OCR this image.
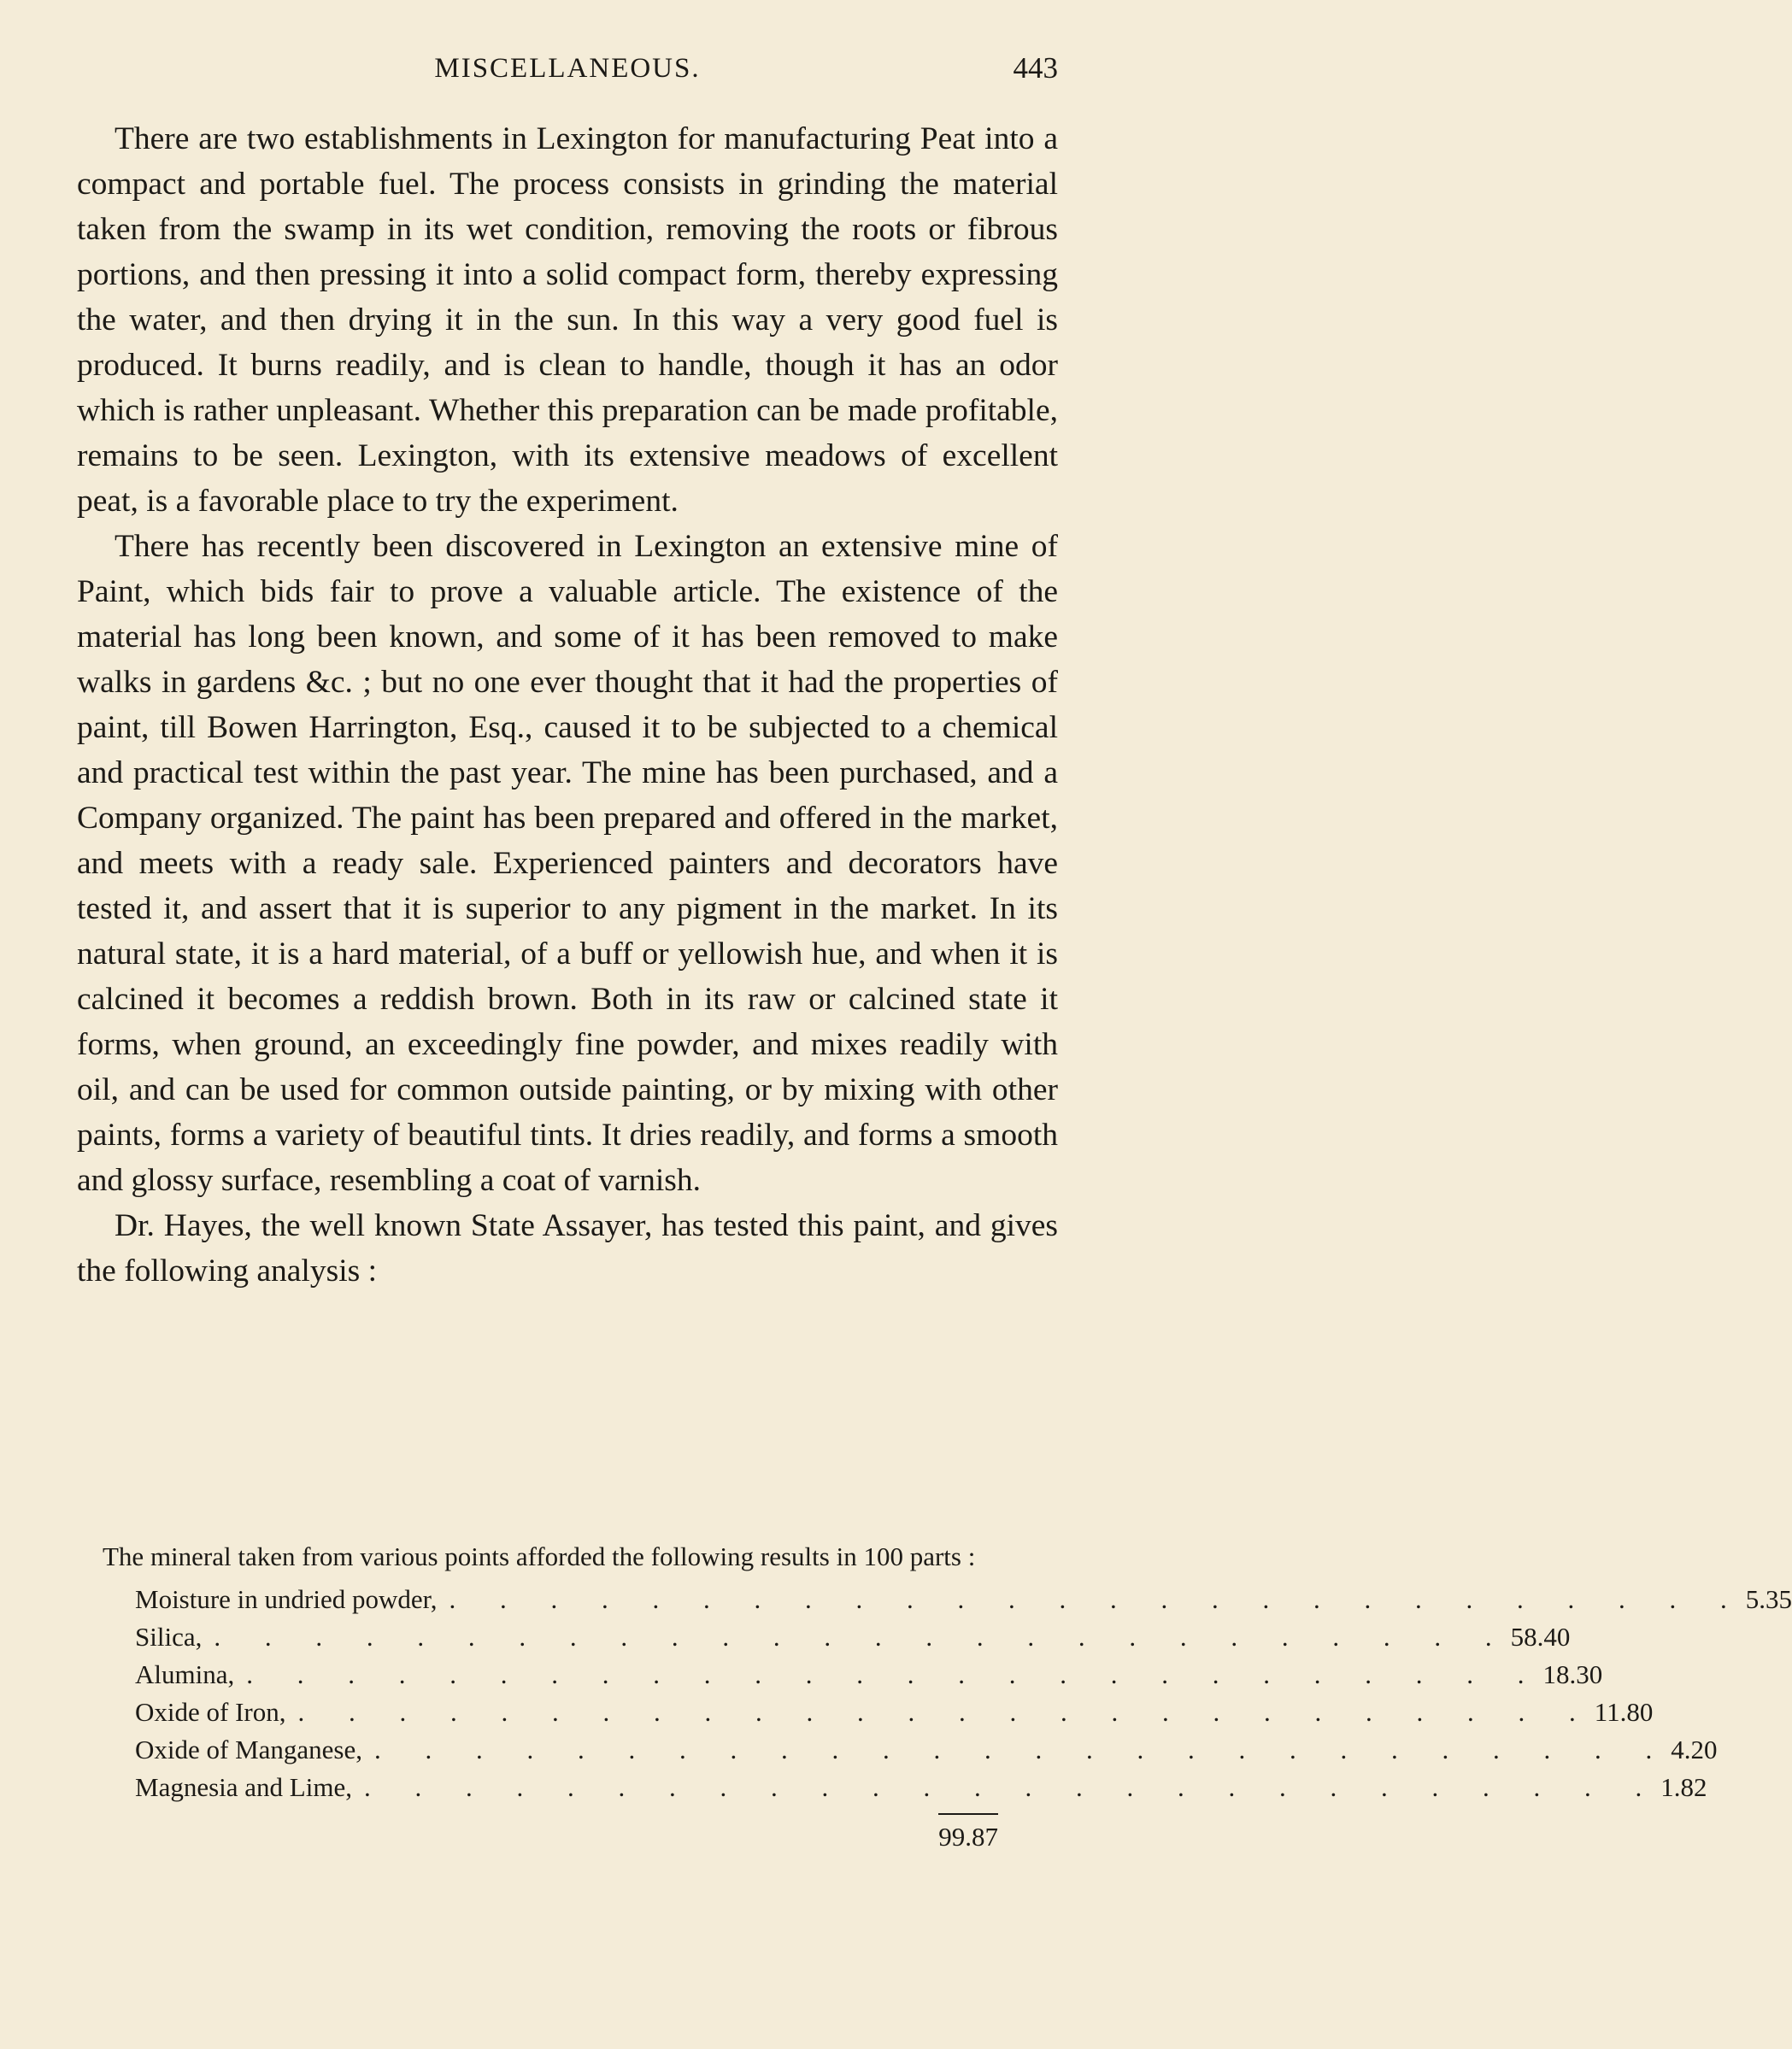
MISCELLANEOUS.	443

There are two establishments in Lexington for manufacturing Peat into a compact and portable fuel. The process consists in grinding the material taken from the swamp in its wet condition, removing the roots or fibrous portions, and then pressing it into a solid compact form, thereby expressing the water, and then drying it in the sun. In this way a very good fuel is produced. It burns readily, and is clean to handle, though it has an odor which is rather unpleasant. Whether this preparation can be made profitable, remains to be seen. Lexington, with its extensive meadows of excellent peat, is a favorable place to try the experiment.

There has recently been discovered in Lexington an extensive mine of Paint, which bids fair to prove a valuable article. The existence of the material has long been known, and some of it has been removed to make walks in gardens &c. ; but no one ever thought that it had the properties of paint, till Bowen Harrington, Esq., caused it to be subjected to a chemical and practical test within the past year. The mine has been purchased, and a Company organized. The paint has been prepared and offered in the market, and meets with a ready sale. Experienced painters and decorators have tested it, and assert that it is superior to any pigment in the market. In its natural state, it is a hard material, of a buff or yellowish hue, and when it is calcined it becomes a reddish brown. Both in its raw or calcined state it forms, when ground, an exceedingly fine powder, and mixes readily with oil, and can be used for common outside painting, or by mixing with other paints, forms a variety of beautiful tints. It dries readily, and forms a smooth and glossy surface, resembling a coat of varnish.

Dr. Hayes, the well known State Assayer, has tested this paint, and gives the following analysis :

The mineral taken from various points afforded the following results in 100 parts :

Moisture in undried powder, . . . . . . . . . . . . . . . . . . . . . . . . . . 5.35
Silica, . . . . . . . . . . . . . . . . . . . . . . . . . . 58.40
Alumina, . . . . . . . . . . . . . . . . . . . . . . . . . . 18.30
Oxide of Iron, . . . . . . . . . . . . . . . . . . . . . . . . . . 11.80
Oxide of Manganese, . . . . . . . . . . . . . . . . . . . . . . . . . . 4.20
Magnesia and Lime, . . . . . . . . . . . . . . . . . . . . . . . . . . 1.82
99.87
